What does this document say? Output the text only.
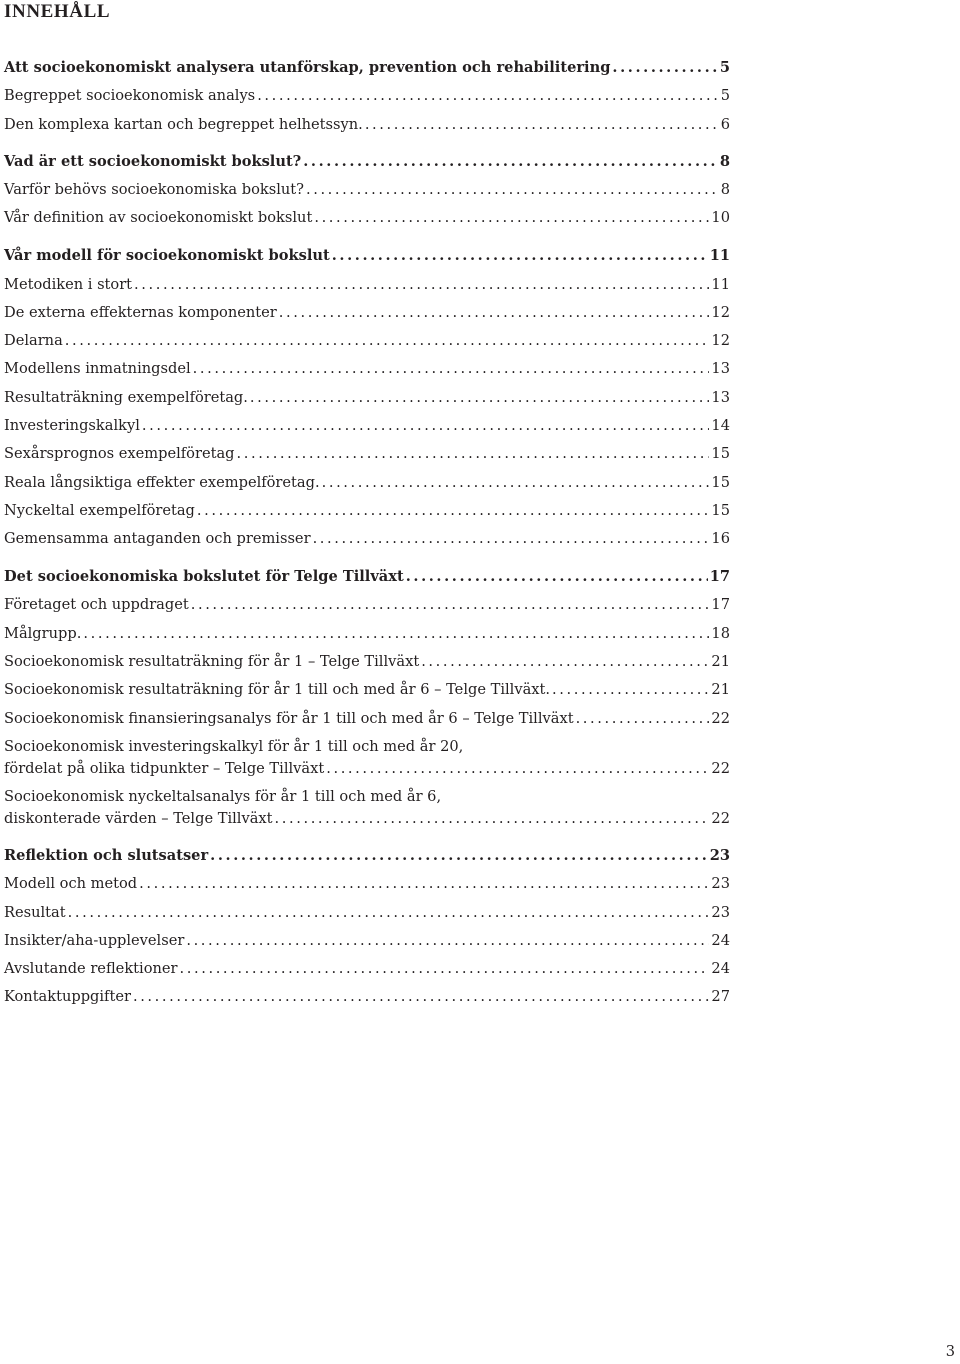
INNEHÅLL
Att socioekonomiskt analysera utanförskap, prevention och rehabilitering .....	5
Begreppet socioekonomisk analys .....	5
Den komplexa kartan och begreppet helhetssyn. .....	6
Vad är ett socioekonomiskt bokslut? .....	8
Varför behövs socioekonomiska bokslut? .....	8
Vår definition av socioekonomiskt bokslut .....	10
Vår modell för socioekonomiskt bokslut .....	11
Metodiken i stort .....	11
De externa effekternas komponenter .....	12
Delarna .....	12
Modellens inmatningsdel .....	13
Resultaträkning exempelföretag. .....	13
Investeringskalkyl .....	14
Sexårsprognos exempelföretag .....	15
Reala långsiktiga effekter exempelföretag. .....	15
Nyckeltal exempelföretag .....	15
Gemensamma antaganden och premisser .....	16
Det socioekonomiska bokslutet för Telge Tillväxt .....	17
Företaget och uppdraget .....	17
Målgrupp. .....	18
Socioekonomisk resultaträkning för år 1 – Telge Tillväxt .....	21
Socioekonomisk resultaträkning för år 1 till och med år 6 – Telge Tillväxt. .....	21
Socioekonomisk finansieringsanalys för år 1 till och med år 6 – Telge Tillväxt .....	22
Socioekonomisk investeringskalkyl för år 1 till och med år 20,
fördelat på olika tidpunkter – Telge Tillväxt .....	22
Socioekonomisk nyckeltalsanalys för år 1 till och med år 6,
diskonterade värden – Telge Tillväxt .....	22
Reflektion och slutsatser .....	23
Modell och metod .....	23
Resultat .....	23
Insikter/aha-upplevelser .....	24
Avslutande reflektioner .....	24
Kontaktuppgifter .....	27
3
